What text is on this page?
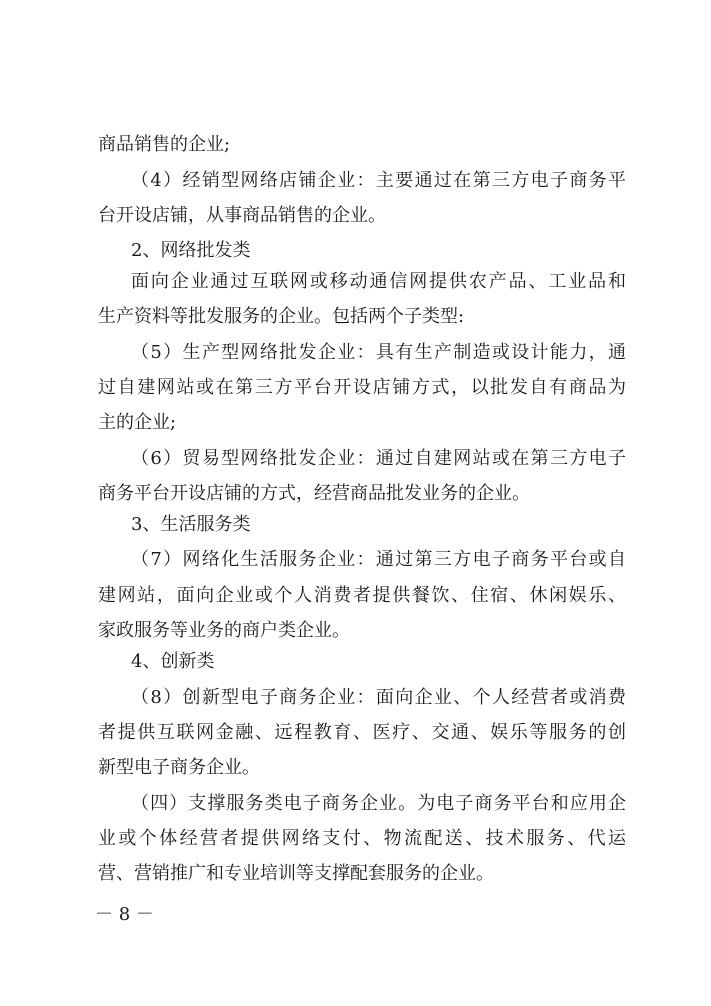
商品销售的企业;
（4）经销型网络店铺企业：主要通过在第三方电子商务平
台开设店铺，从事商品销售的企业。
2、网络批发类
面向企业通过互联网或移动通信网提供农产品、工业品和
生产资料等批发服务的企业。包括两个子类型:
（5）生产型网络批发企业：具有生产制造或设计能力，通
过自建网站或在第三方平台开设店铺方式，以批发自有商品为
主的企业;
（6）贸易型网络批发企业：通过自建网站或在第三方电子
商务平台开设店铺的方式，经营商品批发业务的企业。
3、生活服务类
（7）网络化生活服务企业：通过第三方电子商务平台或自
建网站，面向企业或个人消费者提供餐饮、住宿、休闲娱乐、
家政服务等业务的商户类企业。
4、创新类
（8）创新型电子商务企业：面向企业、个人经营者或消费
者提供互联网金融、远程教育、医疗、交通、娱乐等服务的创
新型电子商务企业。
（四）支撑服务类电子商务企业。为电子商务平台和应用企
业或个体经营者提供网络支付、物流配送、技术服务、代运
营、营销推广和专业培训等支撑配套服务的企业。
－ 8 －
